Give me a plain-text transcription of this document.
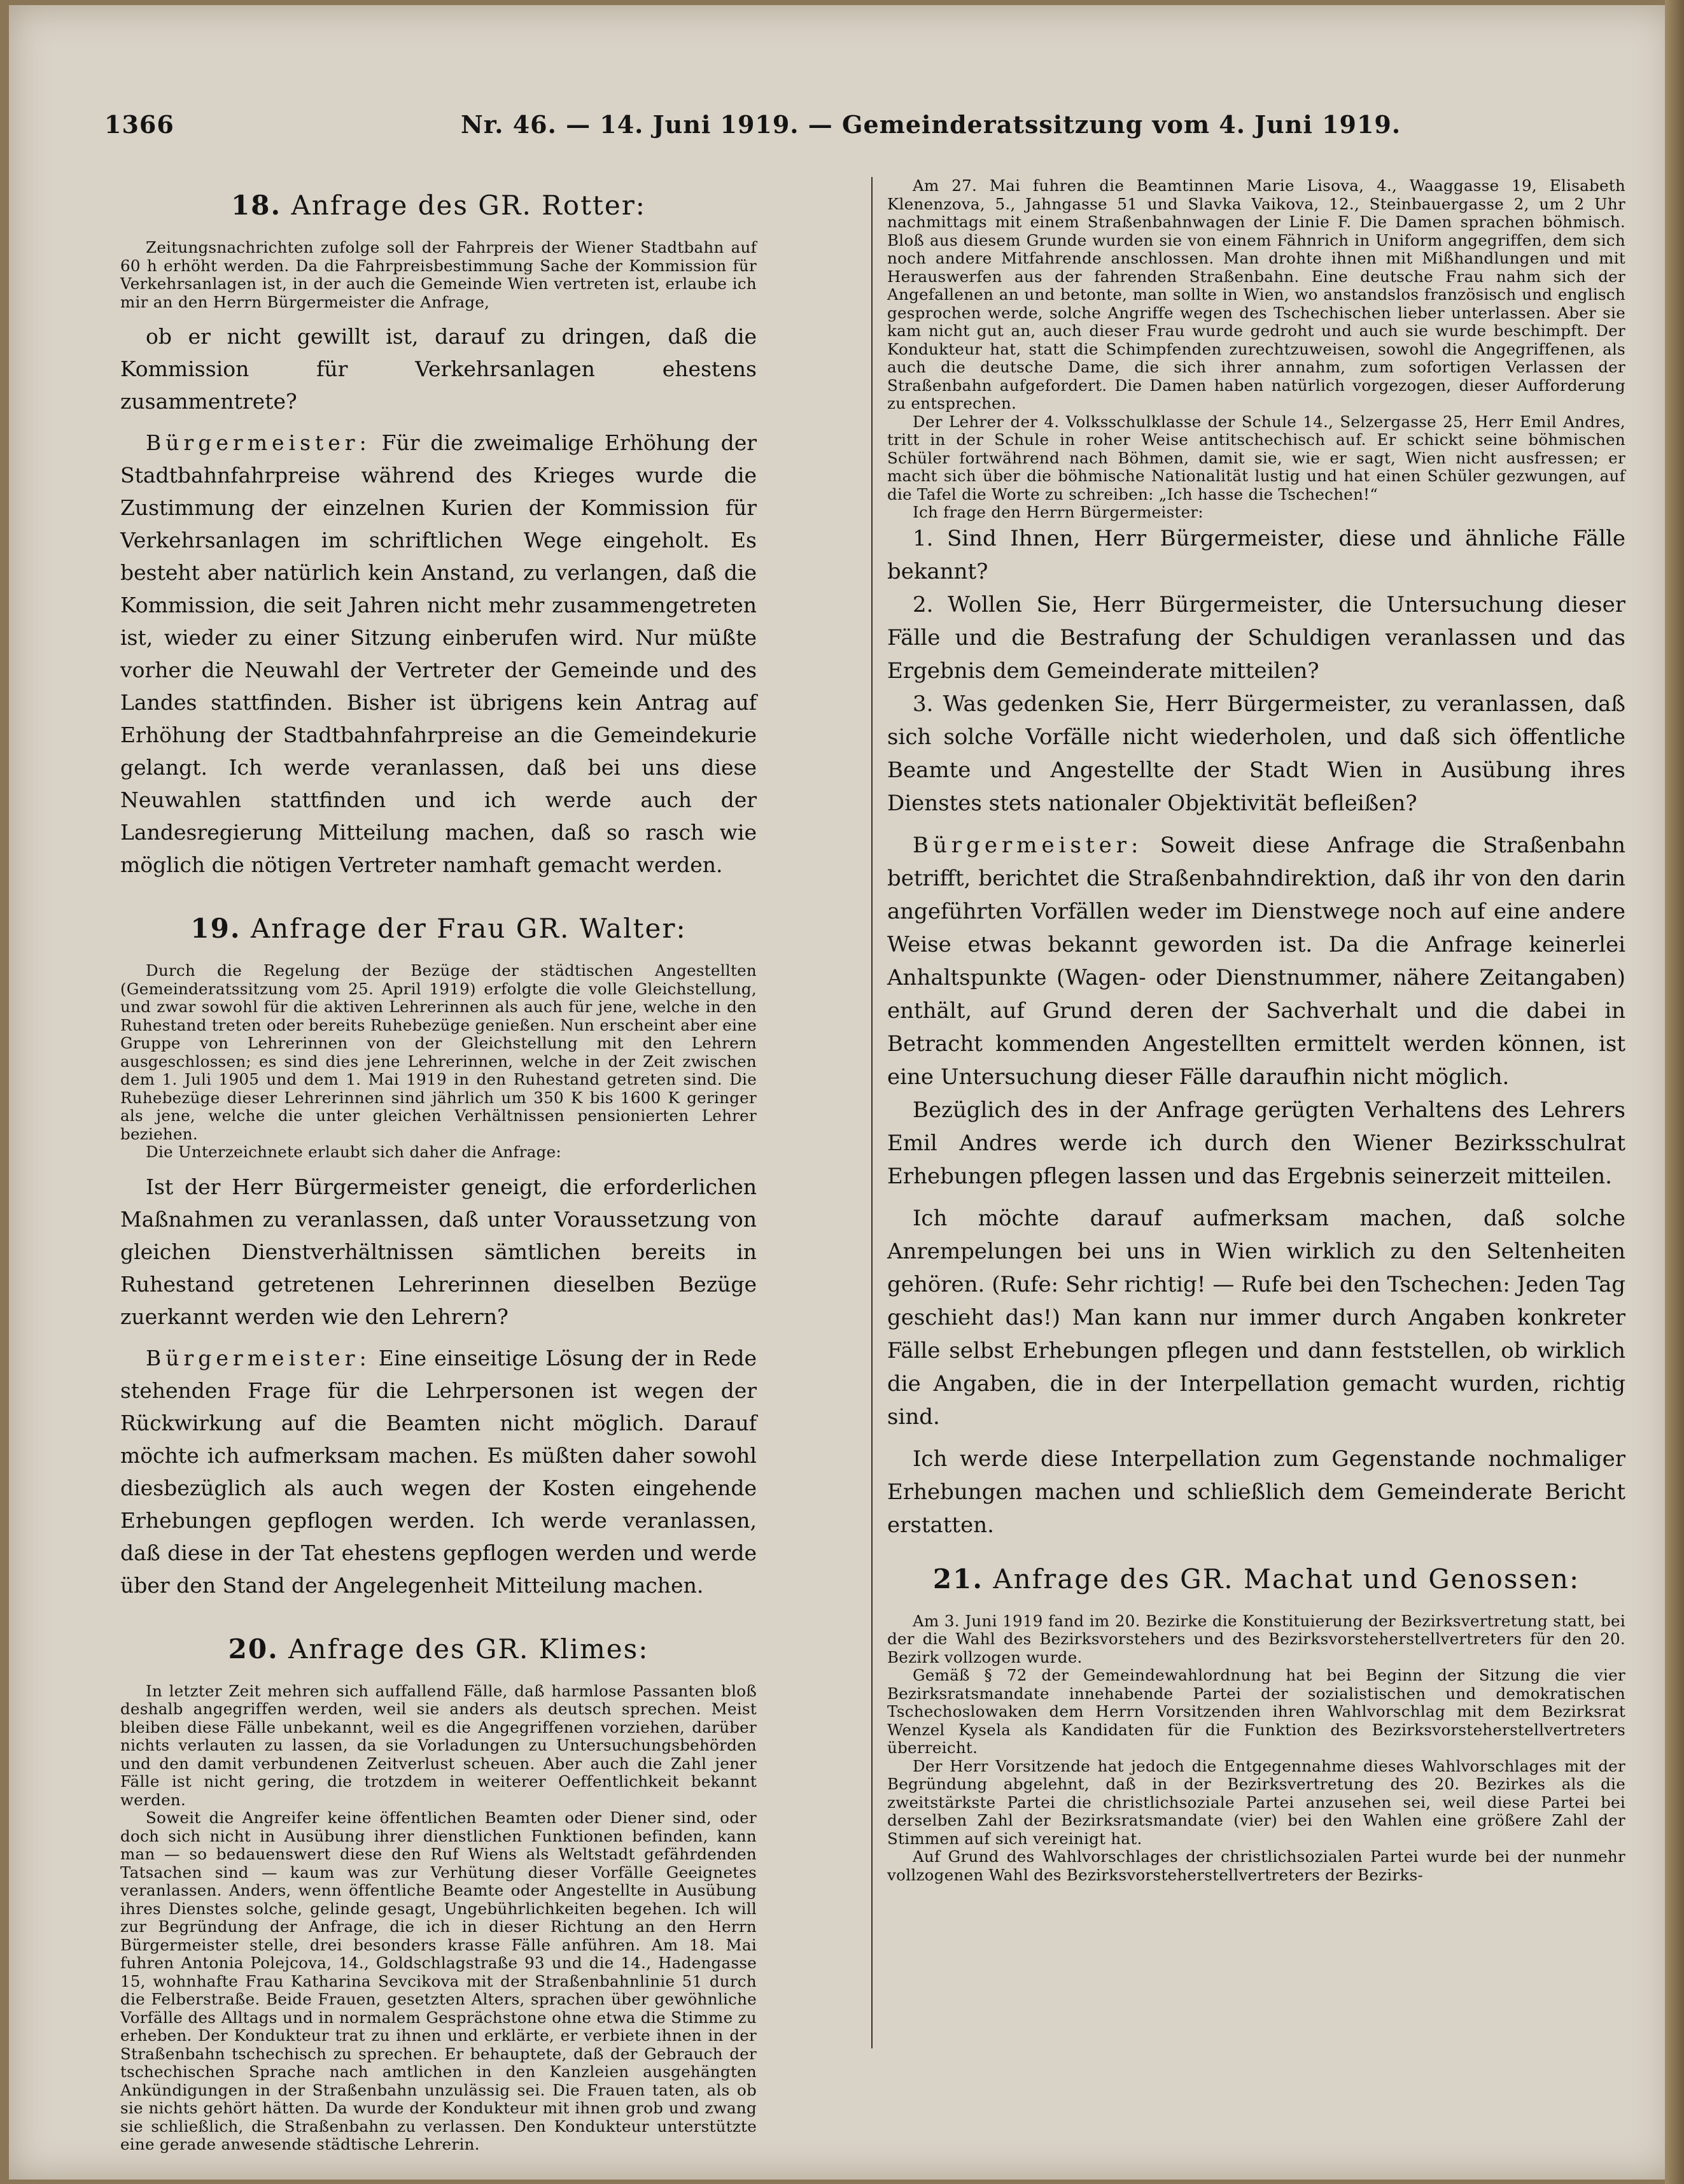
1366	Nr. 46. — 14. Juni 1919. — Gemeinderatssitzung vom 4. Juni 1919.
18. Anfrage des GR. Rotter:

Zeitungsnachrichten zufolge soll der Fahrpreis der Wiener Stadtbahn auf 60 h erhöht werden. Da die Fahrpreisbestimmung Sache der Kommission für Verkehrsanlagen ist, in der auch die Gemeinde Wien vertreten ist, erlaube ich mir an den Herrn Bürgermeister die Anfrage,

ob er nicht gewillt ist, darauf zu dringen, daß die Kommission für Verkehrsanlagen ehestens zusammentrete?

Bürgermeister: Für die zweimalige Erhöhung der Stadtbahnfahrpreise während des Krieges wurde die Zustimmung der einzelnen Kurien der Kommission für Verkehrsanlagen im schriftlichen Wege eingeholt. Es besteht aber natürlich kein Anstand, zu verlangen, daß die Kommission, die seit Jahren nicht mehr zusammengetreten ist, wieder zu einer Sitzung einberufen wird. Nur müßte vorher die Neuwahl der Vertreter der Gemeinde und des Landes stattfinden. Bisher ist übrigens kein Antrag auf Erhöhung der Stadtbahnfahrpreise an die Gemeindekurie gelangt. Ich werde veranlassen, daß bei uns diese Neuwahlen stattfinden und ich werde auch der Landesregierung Mitteilung machen, daß so rasch wie möglich die nötigen Vertreter namhaft gemacht werden.

19. Anfrage der Frau GR. Walter:

Durch die Regelung der Bezüge der städtischen Angestellten (Gemeinderatssitzung vom 25. April 1919) erfolgte die volle Gleichstellung, und zwar sowohl für die aktiven Lehrerinnen als auch für jene, welche in den Ruhestand treten oder bereits Ruhebezüge genießen. Nun erscheint aber eine Gruppe von Lehrerinnen von der Gleichstellung mit den Lehrern ausgeschlossen; es sind dies jene Lehrerinnen, welche in der Zeit zwischen dem 1. Juli 1905 und dem 1. Mai 1919 in den Ruhestand getreten sind. Die Ruhebezüge dieser Lehrerinnen sind jährlich um 350 K bis 1600 K geringer als jene, welche die unter gleichen Verhältnissen pensionierten Lehrer beziehen.

Die Unterzeichnete erlaubt sich daher die Anfrage:

Ist der Herr Bürgermeister geneigt, die erforderlichen Maßnahmen zu veranlassen, daß unter Voraussetzung von gleichen Dienstverhältnissen sämtlichen bereits in Ruhestand getretenen Lehrerinnen dieselben Bezüge zuerkannt werden wie den Lehrern?

Bürgermeister: Eine einseitige Lösung der in Rede stehenden Frage für die Lehrpersonen ist wegen der Rückwirkung auf die Beamten nicht möglich. Darauf möchte ich aufmerksam machen. Es müßten daher sowohl diesbezüglich als auch wegen der Kosten eingehende Erhebungen gepflogen werden. Ich werde veranlassen, daß diese in der Tat ehestens gepflogen werden und werde über den Stand der Angelegenheit Mitteilung machen.

20. Anfrage des GR. Klimes:

In letzter Zeit mehren sich auffallend Fälle, daß harmlose Passanten bloß deshalb angegriffen werden, weil sie anders als deutsch sprechen. Meist bleiben diese Fälle unbekannt, weil es die Angegriffenen vorziehen, darüber nichts verlauten zu lassen, da sie Vorladungen zu Untersuchungsbehörden und den damit verbundenen Zeitverlust scheuen. Aber auch die Zahl jener Fälle ist nicht gering, die trotzdem in weiterer Oeffentlichkeit bekannt werden.

Soweit die Angreifer keine öffentlichen Beamten oder Diener sind, oder doch sich nicht in Ausübung ihrer dienstlichen Funktionen befinden, kann man — so bedauenswert diese den Ruf Wiens als Weltstadt gefährdenden Tatsachen sind — kaum was zur Verhütung dieser Vorfälle Geeignetes veranlassen. Anders, wenn öffentliche Beamte oder Angestellte in Ausübung ihres Dienstes solche, gelinde gesagt, Ungebührlichkeiten begehen. Ich will zur Begründung der Anfrage, die ich in dieser Richtung an den Herrn Bürgermeister stelle, drei besonders krasse Fälle anführen. Am 18. Mai fuhren Antonia Polejcova, 14., Goldschlagstraße 93 und die 14., Hadengasse 15, wohnhafte Frau Katharina Sevcikova mit der Straßenbahnlinie 51 durch die Felberstraße. Beide Frauen, gesetzten Alters, sprachen über gewöhnliche Vorfälle des Alltags und in normalem Gesprächstone ohne etwa die Stimme zu erheben. Der Kondukteur trat zu ihnen und erklärte, er verbiete ihnen in der Straßenbahn tschechisch zu sprechen. Er behauptete, daß der Gebrauch der tschechischen Sprache nach amtlichen in den Kanzleien ausgehängten Ankündigungen in der Straßenbahn unzulässig sei. Die Frauen taten, als ob sie nichts gehört hätten. Da wurde der Kondukteur mit ihnen grob und zwang sie schließlich, die Straßenbahn zu verlassen. Den Kondukteur unterstützte eine gerade anwesende städtische Lehrerin.

Am 27. Mai fuhren die Beamtinnen Marie Lisova, 4., Waaggasse 19, Elisabeth Klenenzova, 5., Jahngasse 51 und Slavka Vaikova, 12., Steinbauergasse 2, um 2 Uhr nachmittags mit einem Straßenbahnwagen der Linie F. Die Damen sprachen böhmisch. Bloß aus diesem Grunde wurden sie von einem Fähnrich in Uniform angegriffen, dem sich noch andere Mitfahrende anschlossen. Man drohte ihnen mit Mißhandlungen und mit Herauswerfen aus der fahrenden Straßenbahn. Eine deutsche Frau nahm sich der Angefallenen an und betonte, man sollte in Wien, wo anstandslos französisch und englisch gesprochen werde, solche Angriffe wegen des Tschechischen lieber unterlassen. Aber sie kam nicht gut an, auch dieser Frau wurde gedroht und auch sie wurde beschimpft. Der Kondukteur hat, statt die Schimpfenden zurechtzuweisen, sowohl die Angegriffenen, als auch die deutsche Dame, die sich ihrer annahm, zum sofortigen Verlassen der Straßenbahn aufgefordert. Die Damen haben natürlich vorgezogen, dieser Aufforderung zu entsprechen.

Der Lehrer der 4. Volksschulklasse der Schule 14., Selzergasse 25, Herr Emil Andres, tritt in der Schule in roher Weise antitschechisch auf. Er schickt seine böhmischen Schüler fortwährend nach Böhmen, damit sie, wie er sagt, Wien nicht ausfressen; er macht sich über die böhmische Nationalität lustig und hat einen Schüler gezwungen, auf die Tafel die Worte zu schreiben: „Ich hasse die Tschechen!“

Ich frage den Herrn Bürgermeister:

1. Sind Ihnen, Herr Bürgermeister, diese und ähnliche Fälle bekannt?

2. Wollen Sie, Herr Bürgermeister, die Untersuchung dieser Fälle und die Bestrafung der Schuldigen veranlassen und das Ergebnis dem Gemeinderate mitteilen?

3. Was gedenken Sie, Herr Bürgermeister, zu veranlassen, daß sich solche Vorfälle nicht wiederholen, und daß sich öffentliche Beamte und Angestellte der Stadt Wien in Ausübung ihres Dienstes stets nationaler Objektivität befleißen?

Bürgermeister: Soweit diese Anfrage die Straßenbahn betrifft, berichtet die Straßenbahndirektion, daß ihr von den darin angeführten Vorfällen weder im Dienstwege noch auf eine andere Weise etwas bekannt geworden ist. Da die Anfrage keinerlei Anhaltspunkte (Wagen- oder Dienstnummer, nähere Zeitangaben) enthält, auf Grund deren der Sachverhalt und die dabei in Betracht kommenden Angestellten ermittelt werden können, ist eine Untersuchung dieser Fälle daraufhin nicht möglich.

Bezüglich des in der Anfrage gerügten Verhaltens des Lehrers Emil Andres werde ich durch den Wiener Bezirksschulrat Erhebungen pflegen lassen und das Ergebnis seinerzeit mitteilen.

Ich möchte darauf aufmerksam machen, daß solche Anrempelungen bei uns in Wien wirklich zu den Seltenheiten gehören. (Rufe: Sehr richtig! — Rufe bei den Tschechen: Jeden Tag geschieht das!) Man kann nur immer durch Angaben konkreter Fälle selbst Erhebungen pflegen und dann feststellen, ob wirklich die Angaben, die in der Interpellation gemacht wurden, richtig sind.

Ich werde diese Interpellation zum Gegenstande nochmaliger Erhebungen machen und schließlich dem Gemeinderate Bericht erstatten.

21. Anfrage des GR. Machat und Genossen:

Am 3. Juni 1919 fand im 20. Bezirke die Konstituierung der Bezirksvertretung statt, bei der die Wahl des Bezirksvorstehers und des Bezirksvorsteherstellvertreters für den 20. Bezirk vollzogen wurde.

Gemäß § 72 der Gemeindewahlordnung hat bei Beginn der Sitzung die vier Bezirksratsmandate innehabende Partei der sozialistischen und demokratischen Tschechoslowaken dem Herrn Vorsitzenden ihren Wahlvorschlag mit dem Bezirksrat Wenzel Kysela als Kandidaten für die Funktion des Bezirksvorsteherstellvertreters überreicht.

Der Herr Vorsitzende hat jedoch die Entgegennahme dieses Wahlvorschlages mit der Begründung abgelehnt, daß in der Bezirksvertretung des 20. Bezirkes als die zweitstärkste Partei die christlichsoziale Partei anzusehen sei, weil diese Partei bei derselben Zahl der Bezirksratsmandate (vier) bei den Wahlen eine größere Zahl der Stimmen auf sich vereinigt hat.

Auf Grund des Wahlvorschlages der christlichsozialen Partei wurde bei der nunmehr vollzogenen Wahl des Bezirksvorsteherstellvertreters der Bezirks-
